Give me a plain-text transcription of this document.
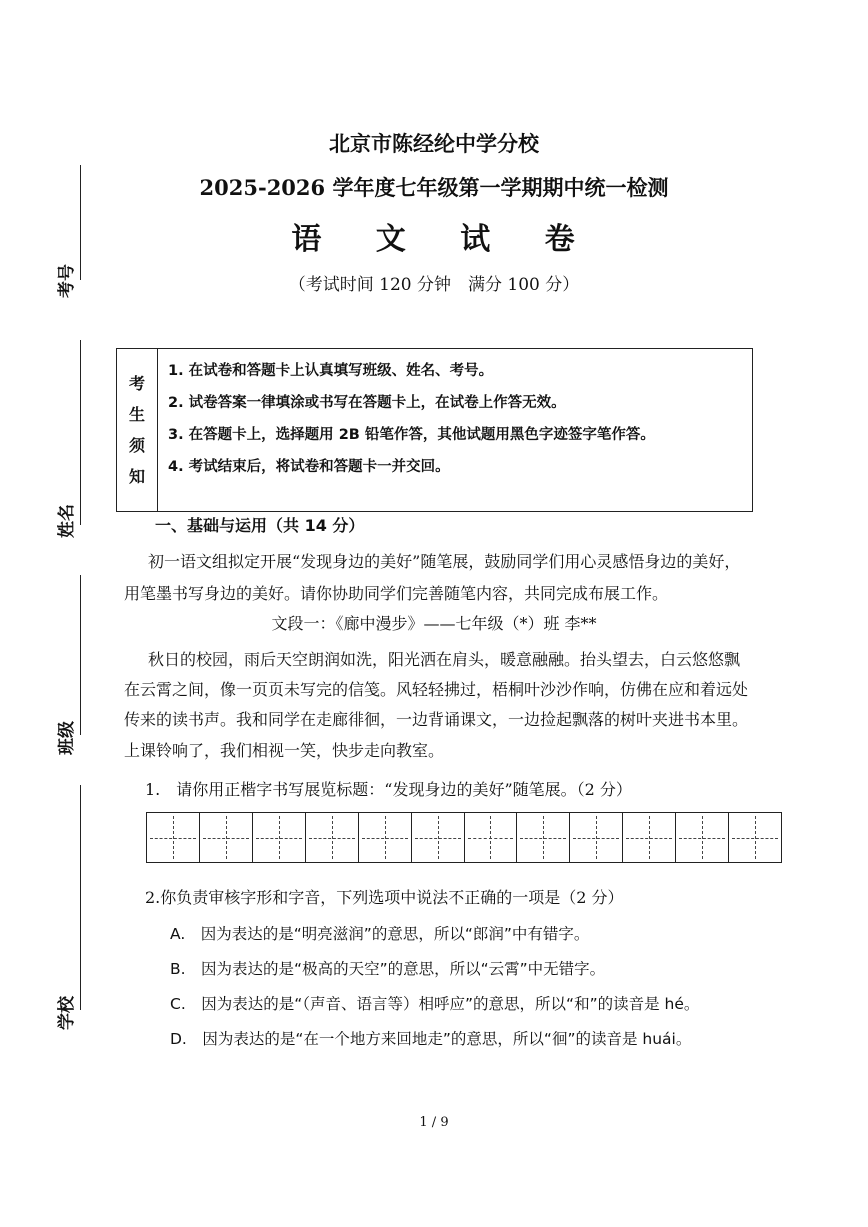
考号
姓名
班级
学校
北京市陈经纶中学分校
2025-2026 学年度七年级第一学期期中统一检测
语 文 试 卷
（考试时间 120 分钟　满分 100 分）
考
生
须
知
1. 在试卷和答题卡上认真填写班级、姓名、考号。
2. 试卷答案一律填涂或书写在答题卡上，在试卷上作答无效。
3. 在答题卡上，选择题用 2B 铅笔作答，其他试题用黑色字迹签字笔作答。
4. 考试结束后，将试卷和答题卡一并交回。
一、基础与运用（共 14 分）
初一语文组拟定开展“发现身边的美好”随笔展，鼓励同学们用心灵感悟身边的美好，
用笔墨书写身边的美好。请你协助同学们完善随笔内容，共同完成布展工作。
文段一：《廊中漫步》——七年级（*）班 李**
秋日的校园，雨后天空朗润如洗，阳光洒在肩头，暖意融融。抬头望去，白云悠悠飘
在云霄之间，像一页页未写完的信笺。风轻轻拂过，梧桐叶沙沙作响，仿佛在应和着远处
传来的读书声。我和同学在走廊徘徊，一边背诵课文，一边捡起飘落的树叶夹进书本里。
上课铃响了，我们相视一笑，快步走向教室。
1.　请你用正楷字书写展览标题：“发现身边的美好”随笔展。（2 分）
2.你负责审核字形和字音，下列选项中说法不正确的一项是（2 分）
A.　因为表达的是“明亮滋润”的意思，所以“郎润”中有错字。
B.　因为表达的是“极高的天空”的意思，所以“云霄”中无错字。
C.　因为表达的是“（声音、语言等）相呼应”的意思，所以“和”的读音是 hé。
D.　因为表达的是“在一个地方来回地走”的意思，所以“徊”的读音是 huái。
1 / 9
